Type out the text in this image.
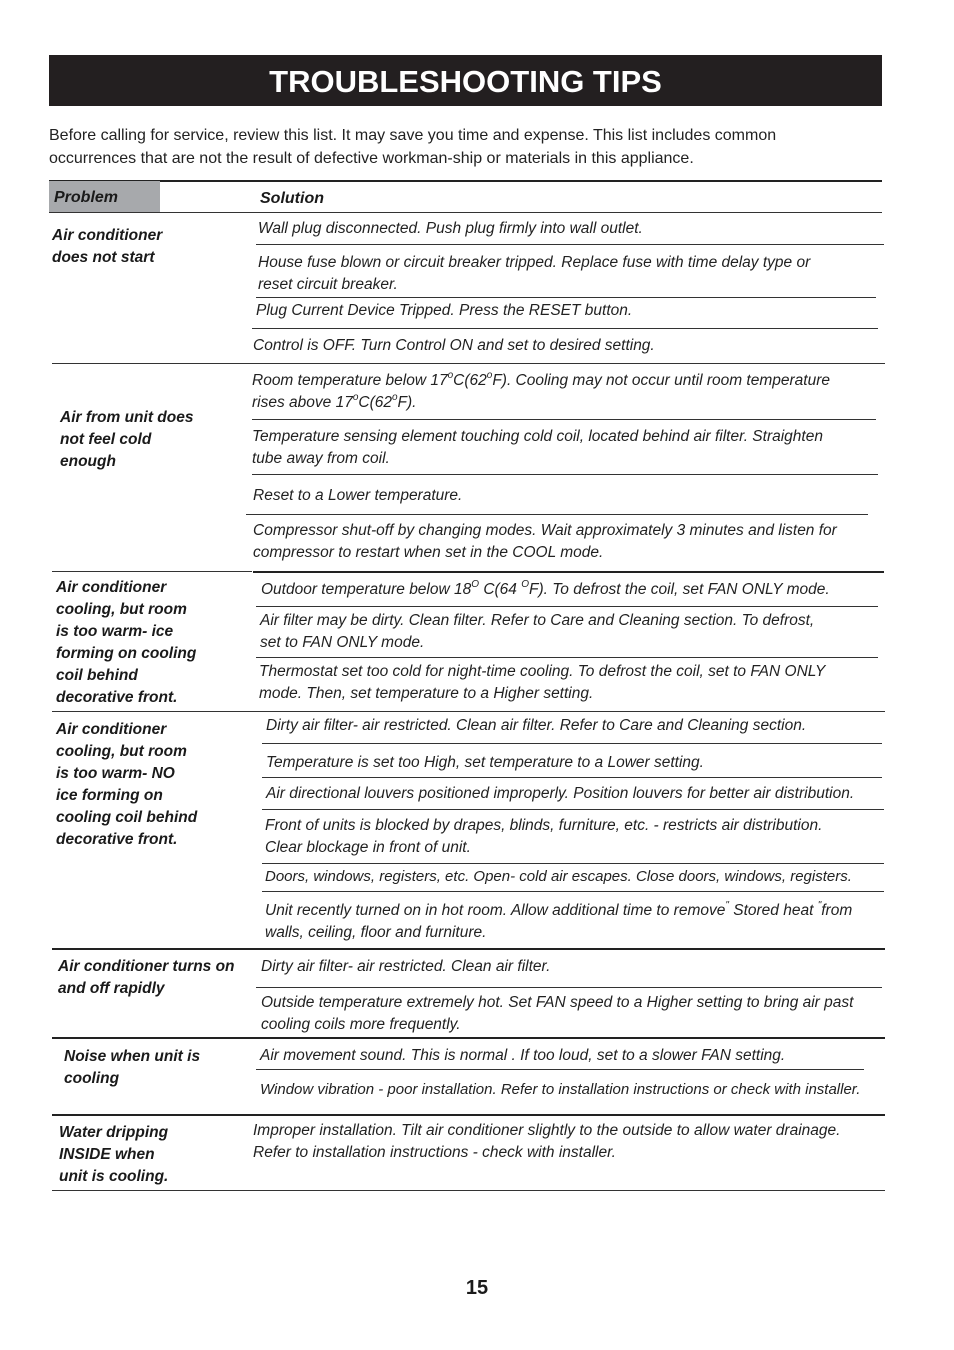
TROUBLESHOOTING TIPS
Before calling for service, review this list. It may save you time and expense. This list includes common
occurrences that are not the result of defective workman-ship or materials in this appliance.
Problem	Solution
Air conditioner
does not start
Wall plug disconnected. Push plug firmly into wall outlet.
House fuse blown or circuit breaker tripped. Replace fuse with time delay type or
reset circuit breaker.
Plug Current Device Tripped. Press the RESET button.
Control is OFF. Turn Control ON and set to desired setting.
Air from unit does
not feel cold
enough
Room temperature below 17$^o$C(62$^o$F). Cooling may not occur until room temperature
rises above 17$^o$C(62$^o$F).
Temperature sensing element touching cold coil, located behind air filter. Straighten
tube away from coil.
Reset to a Lower temperature.
Compressor shut-off by changing modes. Wait approximately 3 minutes and listen for
compressor to restart when set in the COOL mode.
Air conditioner
cooling, but room
is too warm- ice
forming on cooling
coil behind
decorative front.
Outdoor temperature below $18^O$ C(64 $^O$F). To defrost the coil, set FAN ONLY mode.
Air filter may be dirty. Clean filter. Refer to Care and Cleaning section. To defrost,
set to FAN ONLY mode.
Thermostat set too cold for night-time cooling. To defrost the coil, set to FAN ONLY
mode. Then, set temperature to a Higher setting.
Air conditioner
cooling, but room
is too warm- NO
ice forming on
cooling coil behind
decorative front.
Dirty air filter- air restricted. Clean air filter. Refer to Care and Cleaning section.
Temperature is set too High, set temperature to a Lower setting.
Air directional louvers positioned improperly. Position louvers for better air distribution.
Front of units is blocked by drapes, blinds, furniture, etc. - restricts air distribution.
Clear blockage in front of unit.
Doors, windows, registers, etc. Open- cold air escapes. Close doors, windows, registers.
Unit recently turned on in hot room. Allow additional time to remove" Stored heat "from
walls, ceiling, floor and furniture.
Air conditioner turns on
and off rapidly
Dirty air filter- air restricted. Clean air filter.
Outside temperature extremely hot. Set FAN speed to a Higher setting to bring air past
cooling coils more frequently.
Noise when unit is
cooling
Air movement sound. This is normal . If too loud, set to a slower FAN setting.
Window vibration - poor installation. Refer to installation instructions or check with installer.
Water dripping
INSIDE when
unit is cooling.
Improper installation. Tilt air conditioner slightly to the outside to allow water drainage.
Refer to installation instructions - check with installer.
15
